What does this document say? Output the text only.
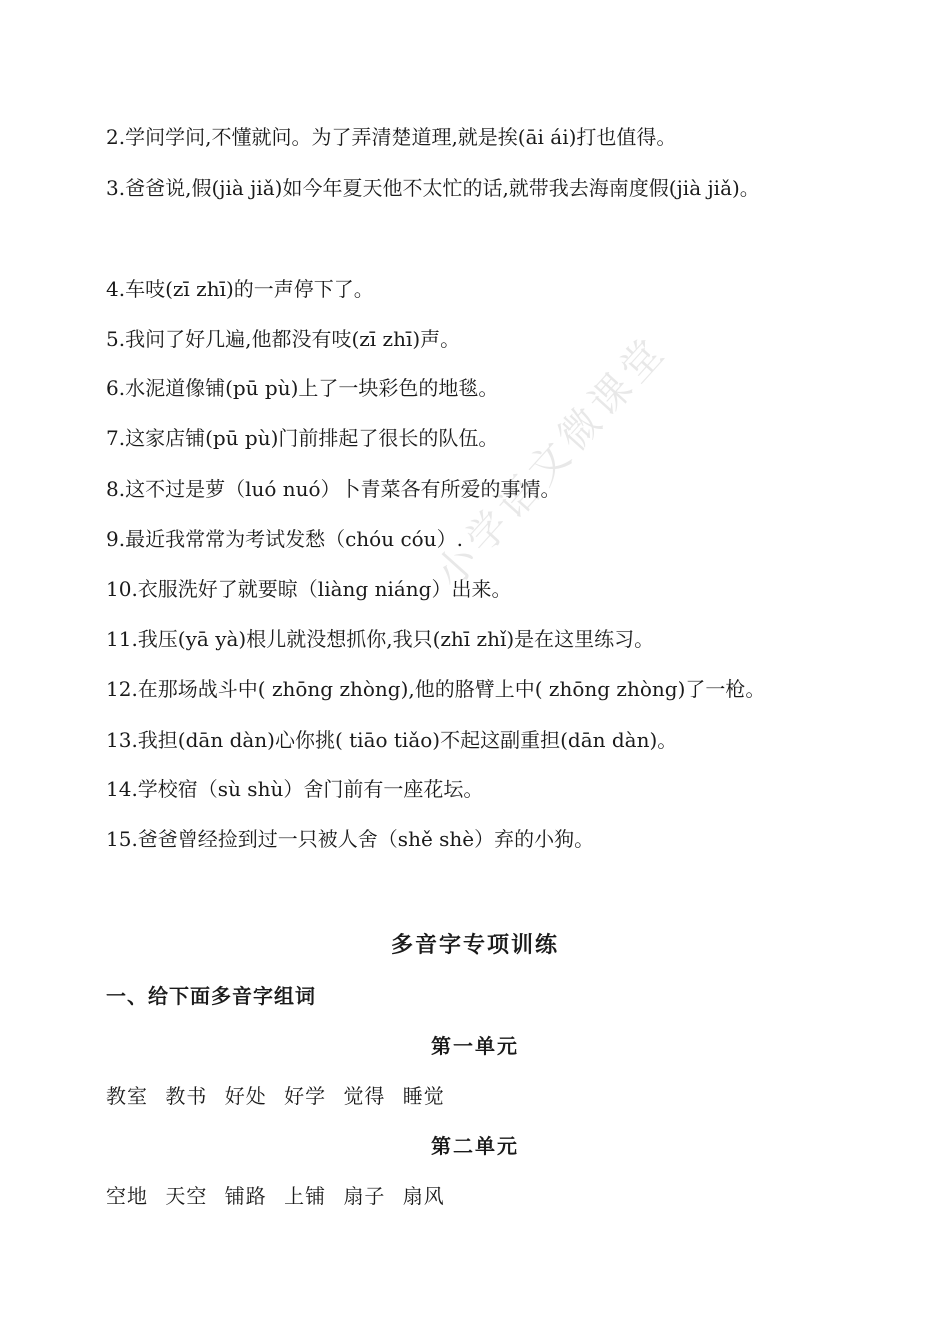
2.学问学问,不懂就问。为了弄清楚道理,就是挨(āi ái)打也值得。
3.爸爸说,假(jià jiǎ)如今年夏天他不太忙的话,就带我去海南度假(jià jiǎ)。
4.车吱(zī zhī)的一声停下了。
5.我问了好几遍,他都没有吱(zī zhī)声。
6.水泥道像铺(pū pù)上了一块彩色的地毯。
7.这家店铺(pū pù)门前排起了很长的队伍。
8.这不过是萝（luó nuó）卜青菜各有所爱的事情。
9.最近我常常为考试发愁（chóu cóu）.
10.衣服洗好了就要晾（liàng niáng）出来。
11.我压(yā yà)根儿就没想抓你,我只(zhī zhǐ)是在这里练习。
12.在那场战斗中( zhōng zhòng),他的胳臂上中( zhōng zhòng)了一枪。
13.我担(dān dàn)心你挑( tiāo tiǎo)不起这副重担(dān dàn)。
14.学校宿（sù shù）舍门前有一座花坛。
15.爸爸曾经捡到过一只被人舍（shě shè）弃的小狗。
多音字专项训练
一、给下面多音字组词
第一单元
教室 教书 好处 好学 觉得 睡觉
第二单元
空地 天空 铺路 上铺 扇子 扇风
小学语文微课堂
